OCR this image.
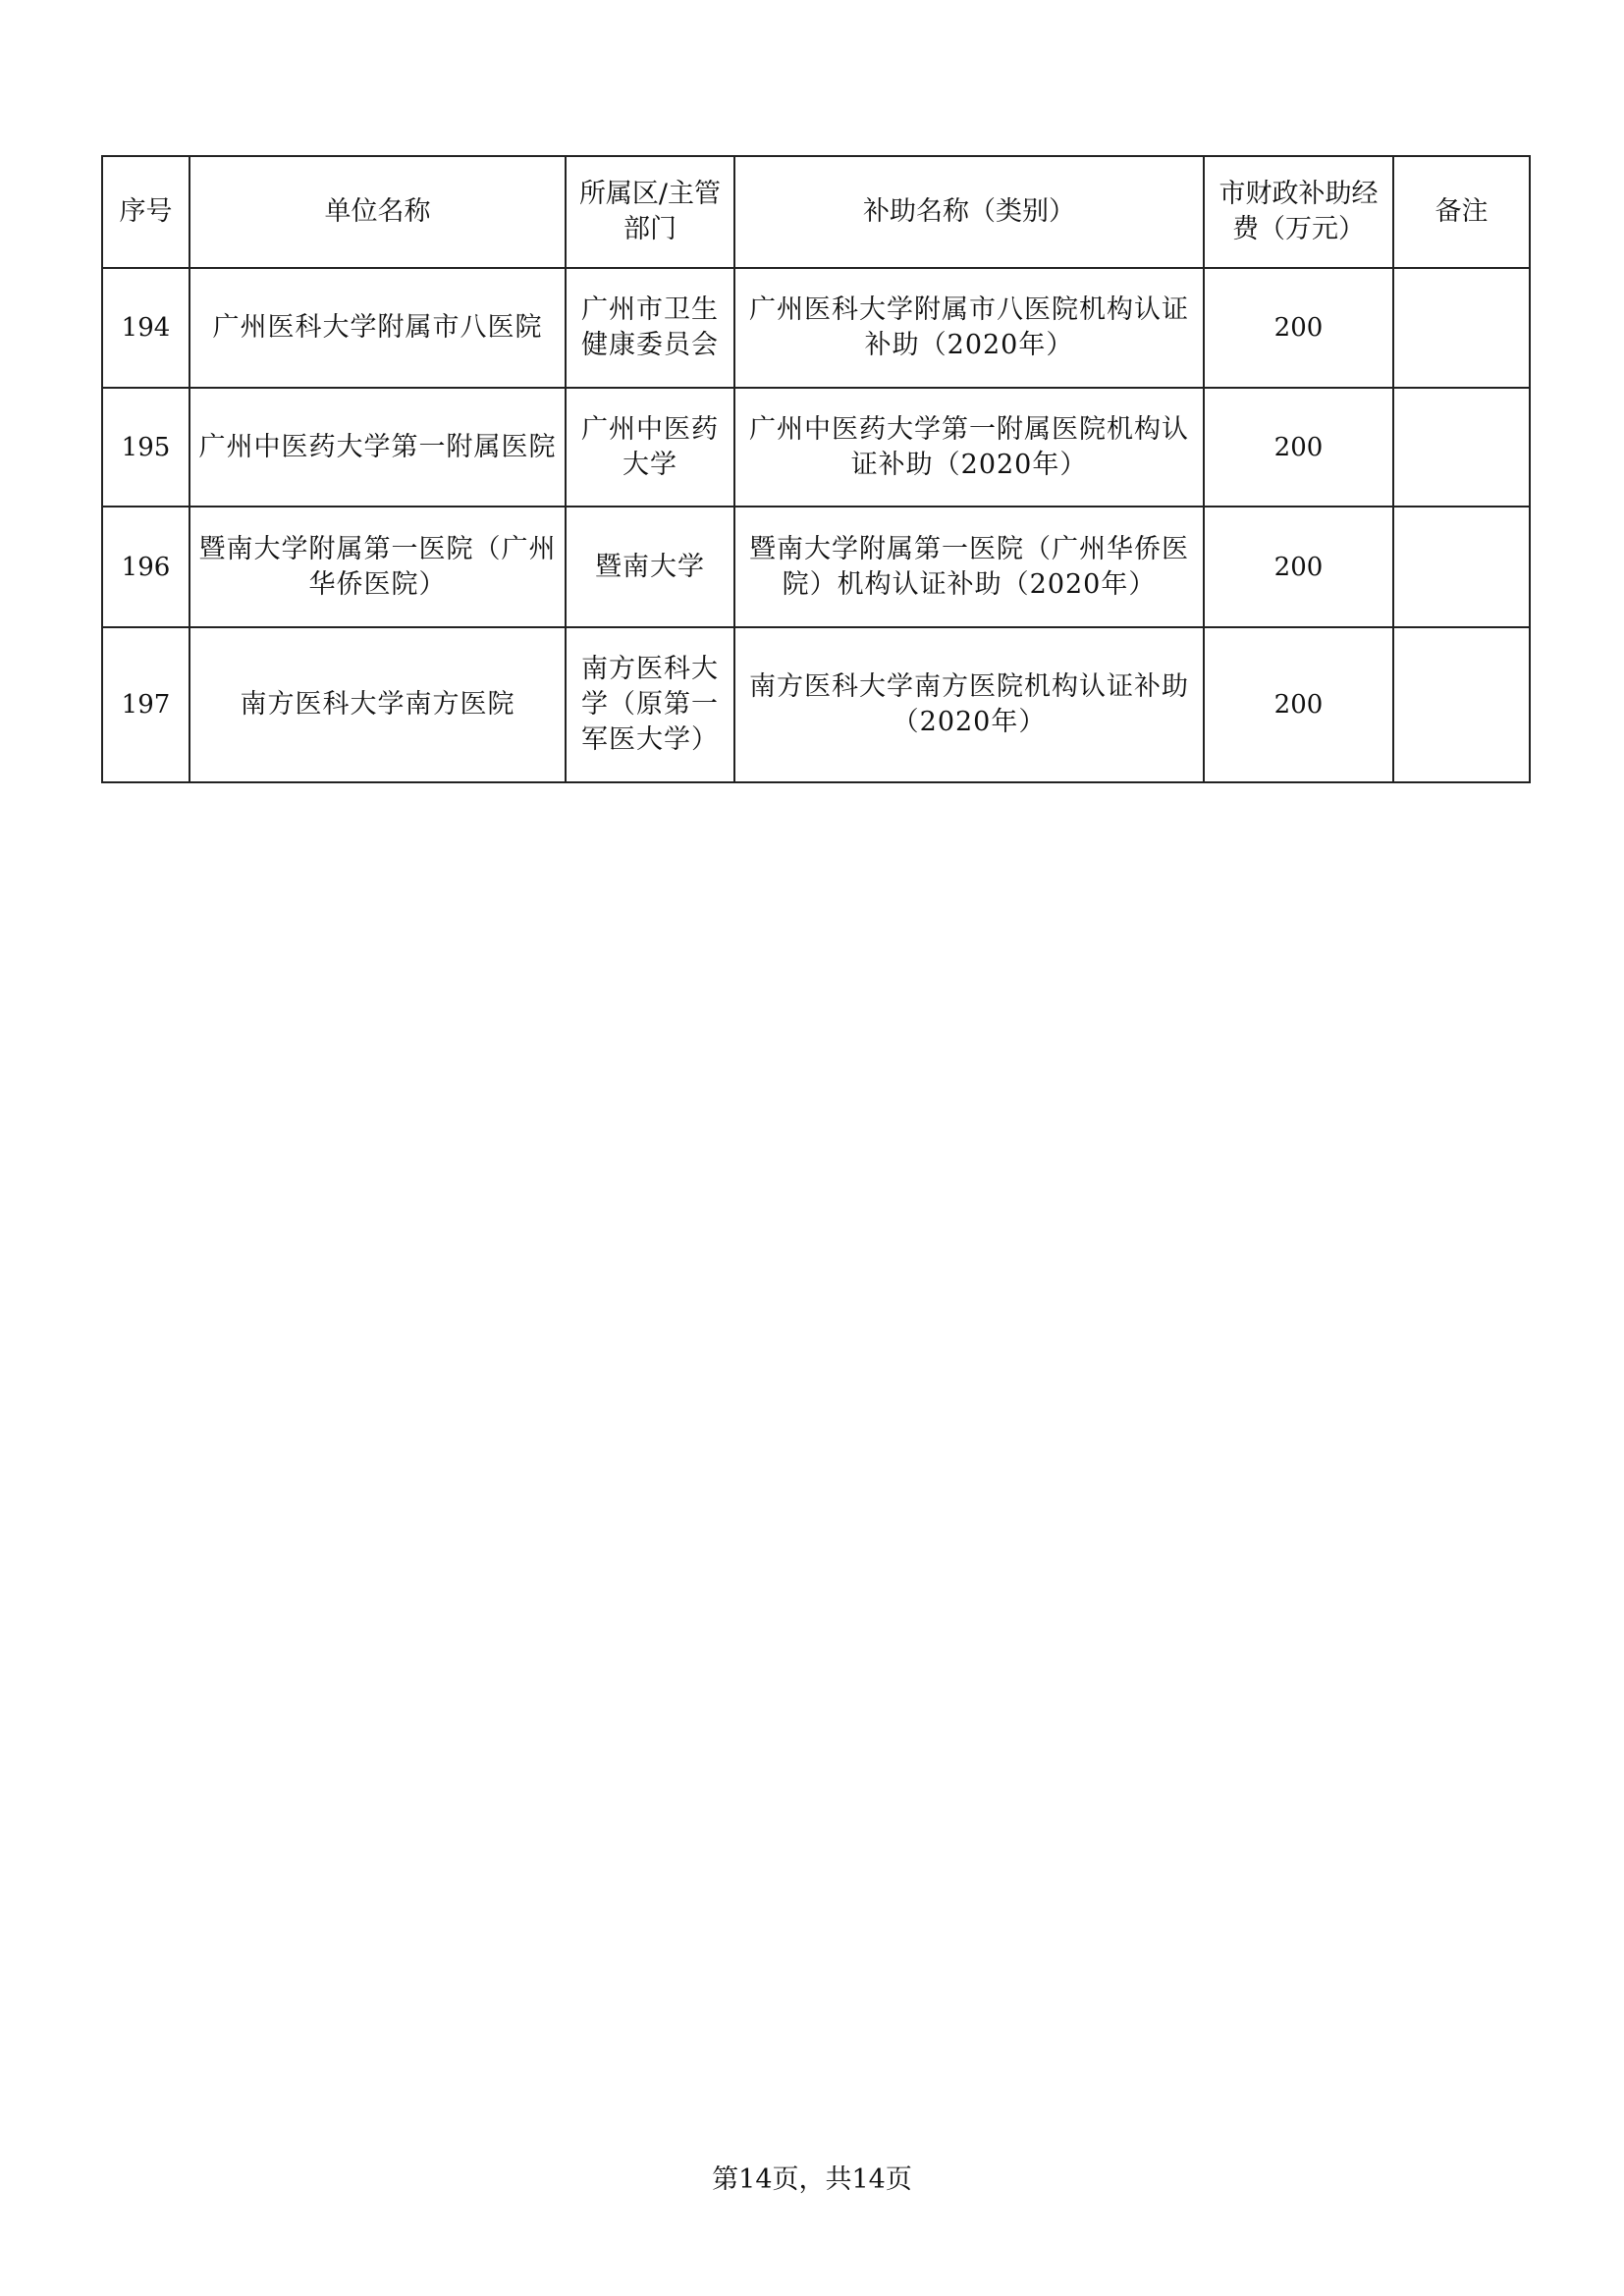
序号	单位名称	所属区/主管部门	补助名称（类别）	市财政补助经费（万元）	备注
194	广州医科大学附属市八医院	广州市卫生健康委员会	广州医科大学附属市八医院机构认证补助（2020年）	200	
195	广州中医药大学第一附属医院	广州中医药大学	广州中医药大学第一附属医院机构认证补助（2020年）	200	
196	暨南大学附属第一医院（广州华侨医院）	暨南大学	暨南大学附属第一医院（广州华侨医院）机构认证补助（2020年）	200	
197	南方医科大学南方医院	南方医科大学（原第一军医大学）	南方医科大学南方医院机构认证补助（2020年）	200	
第14页，共14页
